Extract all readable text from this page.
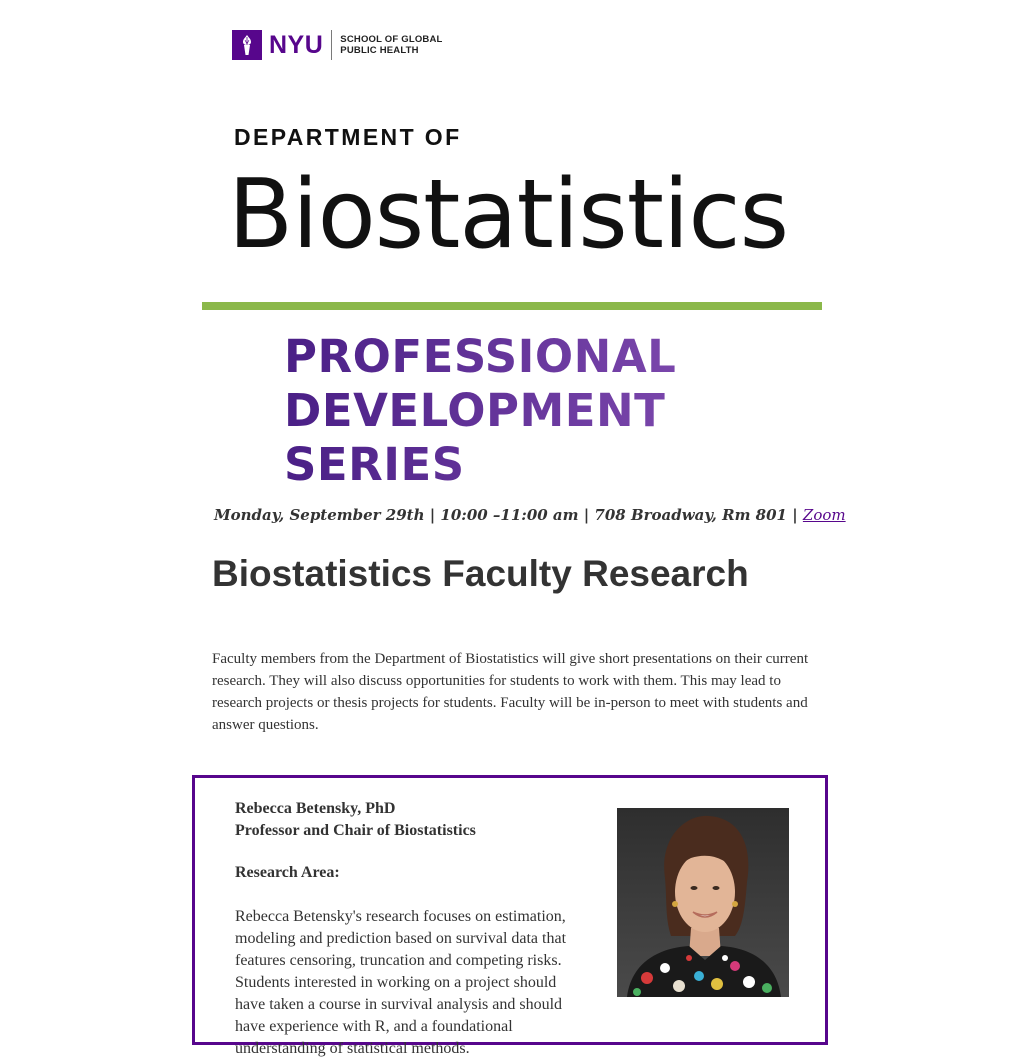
NYU SCHOOL OF GLOBAL
PUBLIC HEALTH
DEPARTMENT OF
Biostatistics
PROFESSIONAL
DEVELOPMENT
SERIES
Monday, September 29th | 10:00 –11:00 am | 708 Broadway, Rm 801 | Zoom
Biostatistics Faculty Research
Faculty members from the Department of Biostatistics will give short presentations on their current research. They will also discuss opportunities for students to work with them. This may lead to research projects or thesis projects for students. Faculty will be in-person to meet with students and answer questions.
Rebecca Betensky, PhD
Professor and Chair of Biostatistics
Research Area:
Rebecca Betensky's research focuses on estimation, modeling and prediction based on survival data that features censoring, truncation and competing risks. Students interested in working on a project should have taken a course in survival analysis and should have experience with R, and a foundational understanding of statistical methods.
